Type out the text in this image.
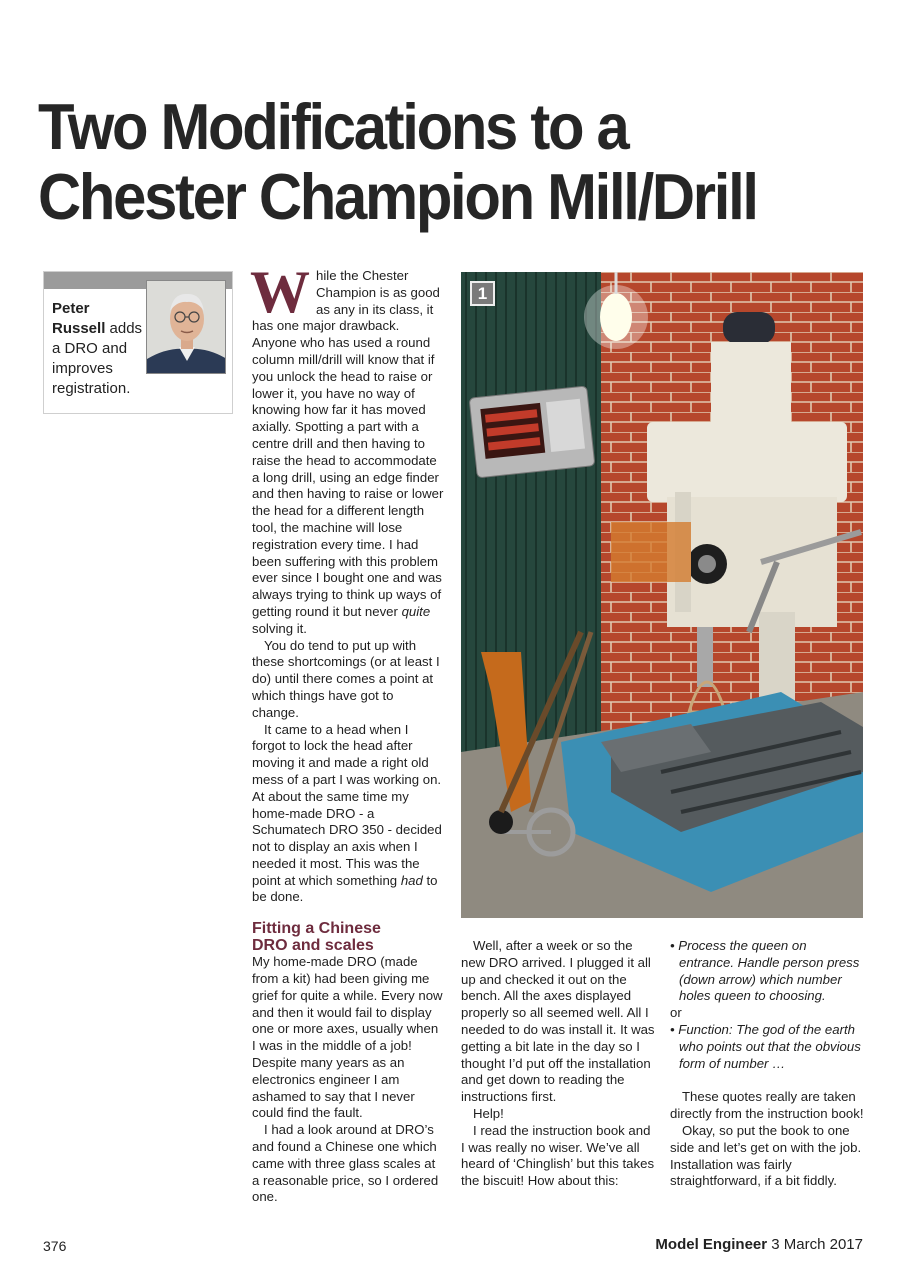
Two Modifications to a
Chester Champion Mill/Drill
Peter
Russell adds a DRO and improves registration.
W hile the Chester Champion is as good as any in its class, it has one major drawback. Anyone who has used a round column mill/drill will know that if you unlock the head to raise or lower it, you have no way of knowing how far it has moved axially. Spotting a part with a centre drill and then having to raise the head to accommodate a long drill, using an edge finder and then having to raise or lower the head for a different length tool, the machine will lose registration every time. I had been suffering with this problem ever since I bought one and was always trying to think up ways of getting round it but never quite solving it.

You do tend to put up with these shortcomings (or at least I do) until there comes a point at which things have got to change.

It came to a head when I forgot to lock the head after moving it and made a right old mess of a part I was working on. At about the same time my home-made DRO - a Schumatech DRO 350 - decided not to display an axis when I needed it most. This was the point at which something had to be done.

Fitting a Chinese
DRO and scales

My home-made DRO (made from a kit) had been giving me grief for quite a while. Every now and then it would fail to display one or more axes, usually when I was in the middle of a job! Despite many years as an electronics engineer I am ashamed to say that I never could find the fault.

I had a look around at DRO’s and found a Chinese one which came with three glass scales at a reasonable price, so I ordered one.

1

Well, after a week or so the new DRO arrived. I plugged it all up and checked it out on the bench. All the axes displayed properly so all seemed well. All I needed to do was install it. It was getting a bit late in the day so I thought I’d put off the installation and get down to reading the instructions first.

Help!

I read the instruction book and I was really no wiser. We’ve all heard of ‘Chinglish’ but this takes the biscuit! How about this:

• Process the queen on entrance. Handle person press (down arrow) which number holes queen to choosing.

or

• Function: The god of the earth who points out that the obvious form of number …

These quotes really are taken directly from the instruction book!

Okay, so put the book to one side and let’s get on with the job. Installation was fairly straightforward, if a bit fiddly.

376	Model Engineer 3 March 2017
